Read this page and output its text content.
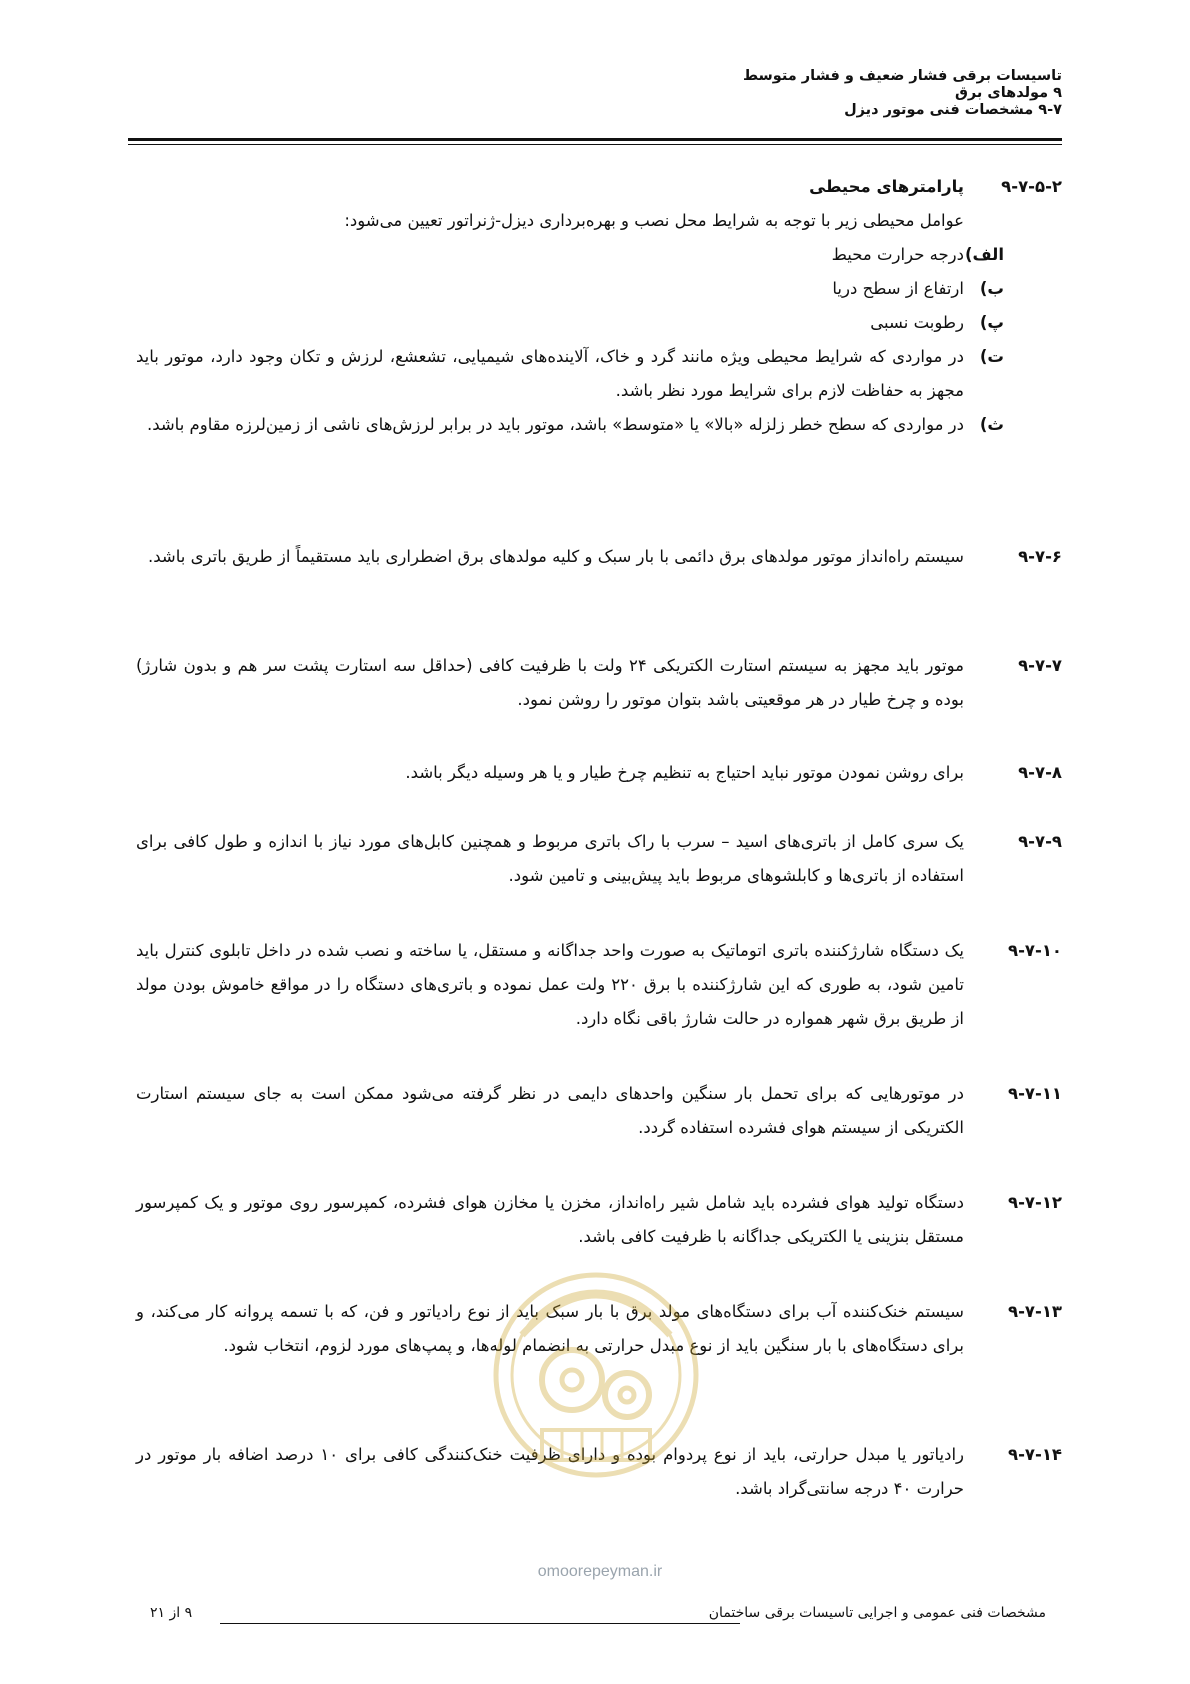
تاسیسات برقی فشار ضعیف و فشار متوسط
۹ مولدهای برق
۹-۷ مشخصات فنی موتور دیزل
۹-۷-۵-۲
پارامترهای محیطی
عوامل محیطی زیر با توجه به شرایط محل نصب و بهره‌برداری دیزل-ژنراتور تعیین می‌شود:
الف)
درجه حرارت محیط
ب)
ارتفاع از سطح دریا
پ)
رطوبت نسبی
ت)
در مواردی که شرایط محیطی ویژه مانند گرد و خاک، آلاینده‌های شیمیایی، تشعشع، لرزش و تکان وجود دارد، موتور باید مجهز به حفاظت لازم برای شرایط مورد نظر باشد.
ث)
در مواردی که سطح خطر زلزله «بالا» یا «متوسط» باشد، موتور باید در برابر لرزش‌های ناشی از زمین‌لرزه مقاوم باشد.
۹-۷-۶
سیستم راه‌انداز موتور مولدهای برق دائمی با بار سبک و کلیه مولدهای برق اضطراری باید مستقیماً از طریق باتری باشد.
۹-۷-۷
موتور باید مجهز به سیستم استارت الکتریکی ۲۴ ولت با ظرفیت کافی (حداقل سه استارت پشت سر هم و بدون شارژ) بوده و چرخ طیار در هر موقعیتی باشد بتوان موتور را روشن نمود.
۹-۷-۸
برای روشن نمودن موتور نباید احتیاج به تنظیم چرخ طیار و یا هر وسیله دیگر باشد.
۹-۷-۹
یک سری کامل از باتری‌های اسید – سرب با راک باتری مربوط و همچنین کابل‌های مورد نیاز با اندازه و طول کافی برای استفاده از باتری‌ها و کابلشوهای مربوط باید پیش‌بینی و تامین شود.
۹-۷-۱۰
یک دستگاه شارژکننده باتری اتوماتیک به صورت واحد جداگانه و مستقل، یا ساخته و نصب شده در داخل تابلوی کنترل باید تامین شود، به طوری که این شارژکننده با برق ۲۲۰ ولت عمل نموده و باتری‌های دستگاه را در مواقع خاموش بودن مولد از طریق برق شهر همواره در حالت شارژ باقی نگاه دارد.
۹-۷-۱۱
در موتورهایی که برای تحمل بار سنگین واحدهای دایمی در نظر گرفته می‌شود ممکن است به جای سیستم استارت الکتریکی از سیستم هوای فشرده استفاده گردد.
۹-۷-۱۲
دستگاه تولید هوای فشرده باید شامل شیر راه‌انداز، مخزن یا مخازن هوای فشرده، کمپرسور روی موتور و یک کمپرسور مستقل بنزینی یا الکتریکی جداگانه با ظرفیت کافی باشد.
۹-۷-۱۳
سیستم خنک‌کننده آب برای دستگاه‌های مولد برق با بار سبک باید از نوع رادیاتور و فن، که با تسمه پروانه کار می‌کند، و برای دستگاه‌های با بار سنگین باید از نوع مبدل حرارتی به انضمام لوله‌ها، و پمپ‌های مورد لزوم، انتخاب شود.
۹-۷-۱۴
رادیاتور یا مبدل حرارتی، باید از نوع پردوام بوده و دارای ظرفیت خنک‌کنندگی کافی برای ۱۰ درصد اضافه بار موتور در حرارت ۴۰ درجه سانتی‌گراد باشد.
omoorepeyman.ir
مشخصات فنی عمومی و اجرایی تاسیسات برقی ساختمان
۹ از ۲۱
